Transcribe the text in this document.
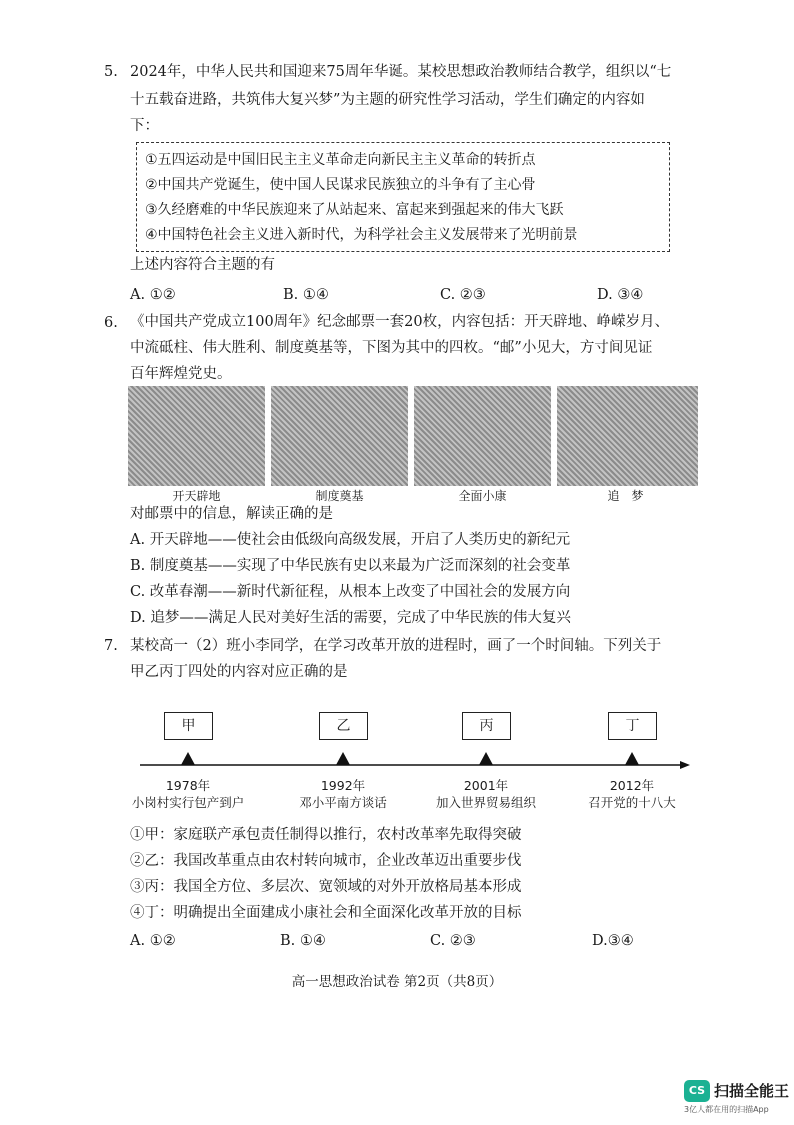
5. 2024年，中华人民共和国迎来75周年华诞。某校思想政治教师结合教学，组织以“七
十五载奋进路，共筑伟大复兴梦”为主题的研究性学习活动，学生们确定的内容如
下：
①五四运动是中国旧民主主义革命走向新民主主义革命的转折点
②中国共产党诞生，使中国人民谋求民族独立的斗争有了主心骨
③久经磨难的中华民族迎来了从站起来、富起来到强起来的伟大飞跃
④中国特色社会主义进入新时代，为科学社会主义发展带来了光明前景
上述内容符合主题的有
A. ①②	B. ①④	C. ②③	D. ③④
6. 《中国共产党成立100周年》纪念邮票一套20枚，内容包括：开天辟地、峥嵘岁月、
中流砥柱、伟大胜利、制度奠基等，下图为其中的四枚。“邮”小见大，方寸间见证
百年辉煌党史。
开天辟地	制度奠基	全面小康	追　梦
对邮票中的信息，解读正确的是
A. 开天辟地——使社会由低级向高级发展，开启了人类历史的新纪元
B. 制度奠基——实现了中华民族有史以来最为广泛而深刻的社会变革
C. 改革春潮——新时代新征程，从根本上改变了中国社会的发展方向
D. 追梦——满足人民对美好生活的需要，完成了中华民族的伟大复兴
7. 某校高一（2）班小李同学，在学习改革开放的进程时，画了一个时间轴。下列关于
甲乙丙丁四处的内容对应正确的是
甲	乙	丙	丁
1978年	1992年	2001年	2012年
小岗村实行包产到户	邓小平南方谈话	加入世界贸易组织	召开党的十八大
①甲：家庭联产承包责任制得以推行，农村改革率先取得突破
②乙：我国改革重点由农村转向城市，企业改革迈出重要步伐
③丙：我国全方位、多层次、宽领域的对外开放格局基本形成
④丁：明确提出全面建成小康社会和全面深化改革开放的目标
A. ①②	B. ①④	C. ②③	D.③④
高一思想政治试卷 第2页（共8页）
CS 扫描全能王
3亿人都在用的扫描App
